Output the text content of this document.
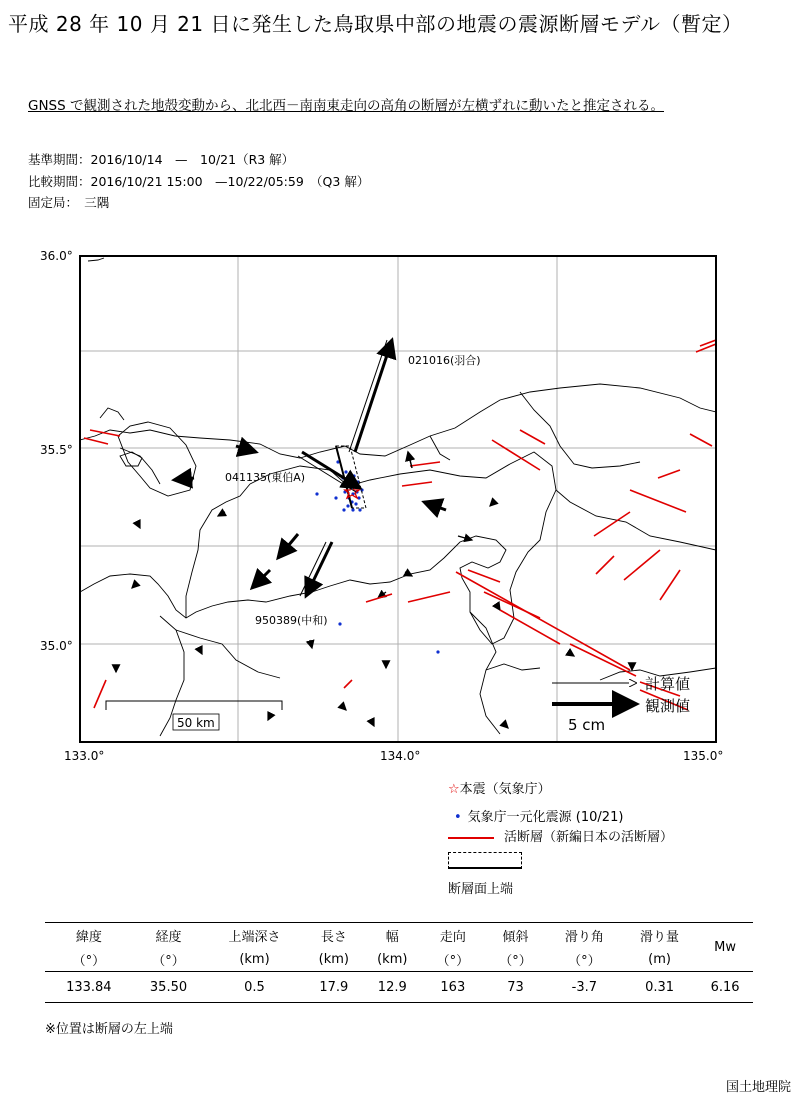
平成 28 年 10 月 21 日に発生した鳥取県中部の地震の震源断層モデル（暫定）
GNSS で観測された地殻変動から、北北西－南南東走向の高角の断層が左横ずれに動いたと推定される。
基準期間：2016/10/14　—　10/21（R3 解）
比較期間：2016/10/21 15:00　—10/22/05:59　（Q3 解）
固定局：　三隅
36.0°
35.5°
35.0°
133.0°	134.0°	135.0°
021016(羽合)
041135(東伯A)
950389(中和)
50 km
計算値
観測値
5 cm
☆本震（気象庁）
• 気象庁一元化震源 (10/21)
活断層（新編日本の活断層）
断層面上端
緯度	経度	上端深さ	長さ	幅	走向	傾斜	滑り角	滑り量	Mw
（°）	（°）	(km)	(km)	(km)	（°）	（°）	（°）	(m)	
133.84	35.50	0.5	17.9	12.9	163	73	-3.7	0.31	6.16
※位置は断層の左上端
国土地理院
